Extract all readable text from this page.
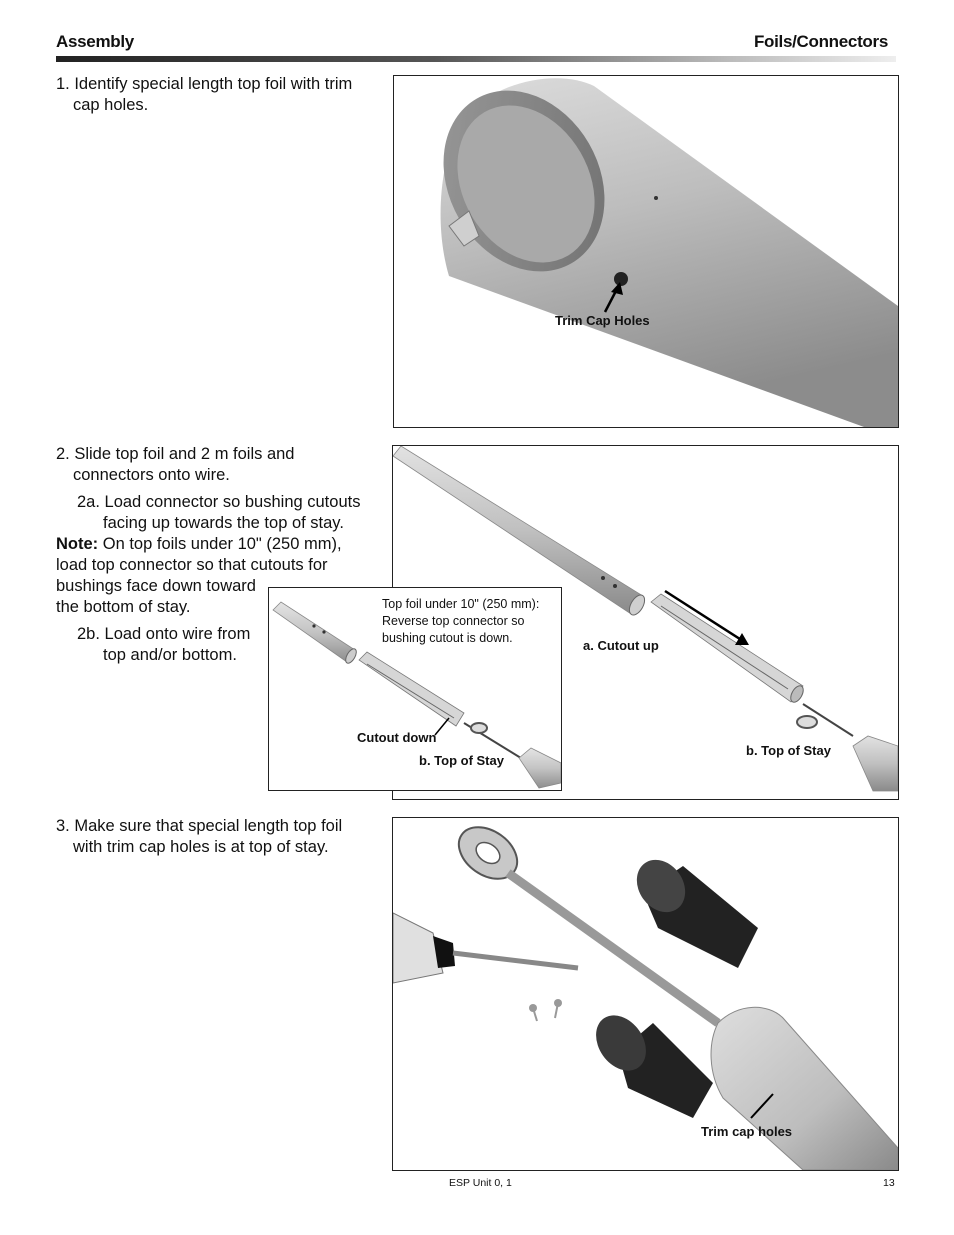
Assembly	Foils/Connectors
1. Identify special length top foil with trim
cap holes.
Trim Cap Holes
2. Slide top foil and 2 m foils and
connectors onto wire.
2a. Load connector so bushing cutouts
facing up towards the top of stay.
Note: On top foils under 10" (250 mm),
load top connector so that cutouts for
bushings face down toward
the bottom of stay.
2b. Load onto wire from
top and/or bottom.
a. Cutout up
b. Top of Stay
Top foil under 10" (250 mm):
Reverse top connector so
bushing cutout is down.
Cutout down
b. Top of Stay
3. Make sure that special length top foil
with trim cap holes is at top of stay.
Trim cap holes
ESP Unit 0, 1	13
